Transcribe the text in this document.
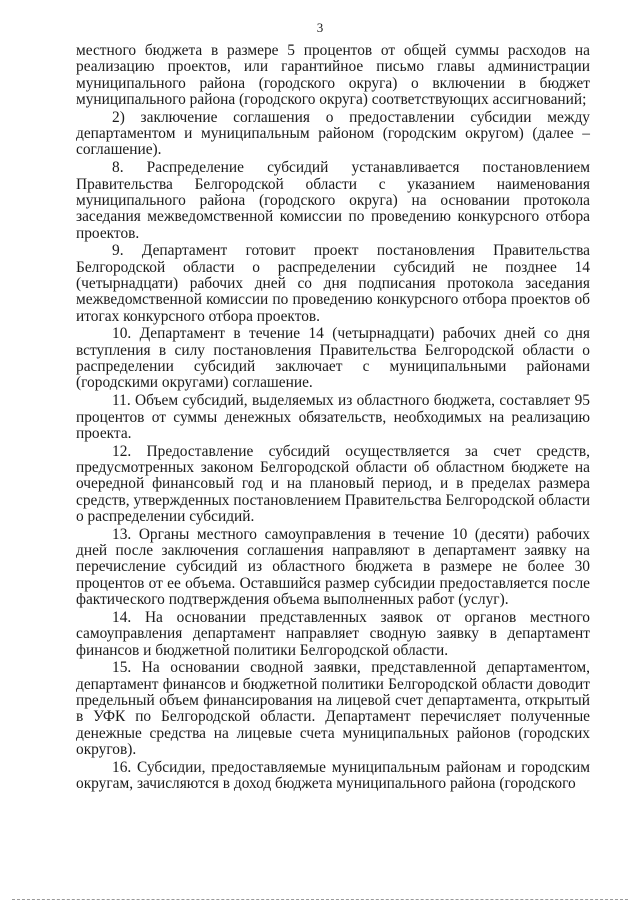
3

местного бюджета в размере 5 процентов от общей суммы расходов на реализацию проектов, или гарантийное письмо главы администрации муниципального района (городского округа) о включении в бюджет муниципального района (городского округа) соответствующих ассигнований;

2) заключение соглашения о предоставлении субсидии между департаментом и муниципальным районом (городским округом) (далее – соглашение).

8. Распределение субсидий устанавливается постановлением Правительства Белгородской области с указанием наименования муниципального района (городского округа) на основании протокола заседания межведомственной комиссии по проведению конкурсного отбора проектов.

9. Департамент готовит проект постановления Правительства Белгородской области о распределении субсидий не позднее 14 (четырнадцати) рабочих дней со дня подписания протокола заседания межведомственной комиссии по проведению конкурсного отбора проектов об итогах конкурсного отбора проектов.

10. Департамент в течение 14 (четырнадцати) рабочих дней со дня вступления в силу постановления Правительства Белгородской области о распределении субсидий заключает с муниципальными районами (городскими округами) соглашение.

11. Объем субсидий, выделяемых из областного бюджета, составляет 95 процентов от суммы денежных обязательств, необходимых на реализацию проекта.

12. Предоставление субсидий осуществляется за счет средств, предусмотренных законом Белгородской области об областном бюджете на очередной финансовый год и на плановый период, и в пределах размера средств, утвержденных постановлением Правительства Белгородской области о распределении субсидий.

13. Органы местного самоуправления в течение 10 (десяти) рабочих дней после заключения соглашения направляют в департамент заявку на перечисление субсидий из областного бюджета в размере не более 30 процентов от ее объема. Оставшийся размер субсидии предоставляется после фактического подтверждения объема выполненных работ (услуг).

14. На основании представленных заявок от органов местного самоуправления департамент направляет сводную заявку в департамент финансов и бюджетной политики Белгородской области.

15. На основании сводной заявки, представленной департаментом, департамент финансов и бюджетной политики Белгородской области доводит предельный объем финансирования на лицевой счет департамента, открытый в УФК по Белгородской области. Департамент перечисляет полученные денежные средства на лицевые счета муниципальных районов (городских округов).

16. Субсидии, предоставляемые муниципальным районам и городским округам, зачисляются в доход бюджета муниципального района (городского
